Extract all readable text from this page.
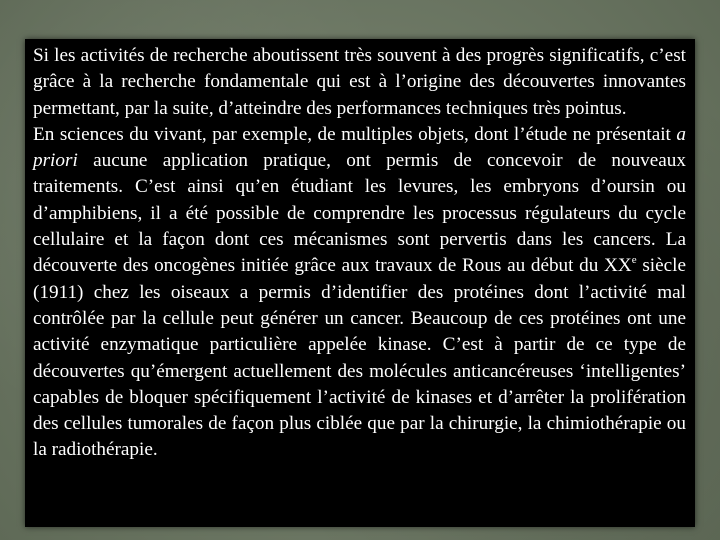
Si les activités de recherche aboutissent très souvent à des progrès significatifs, c’est grâce à la recherche fondamentale qui est à l’origine des découvertes innovantes permettant, par la suite, d’atteindre des performances techniques très pointus.

En sciences du vivant, par exemple, de multiples objets, dont l’étude ne présentait a priori aucune application pratique, ont permis de concevoir de nouveaux traitements. C’est ainsi qu’en étudiant les levures, les embryons d’oursin ou d’amphibiens, il a été possible de comprendre les processus régulateurs du cycle cellulaire et la façon dont ces mécanismes sont pervertis dans les cancers. La découverte des oncogènes initiée grâce aux travaux de Rous au début du XXe siècle (1911) chez les oiseaux a permis d’identifier des protéines dont l’activité mal contrôlée par la cellule peut générer un cancer. Beaucoup de ces protéines ont une activité enzymatique particulière appelée kinase. C’est à partir de ce type de découvertes qu’émergent actuellement des molécules anticancéreuses ‘intelligentes’ capables de bloquer spécifiquement l’activité de kinases et d’arrêter la prolifération des cellules tumorales de façon plus ciblée que par la chirurgie, la chimiothérapie ou la radiothérapie.
